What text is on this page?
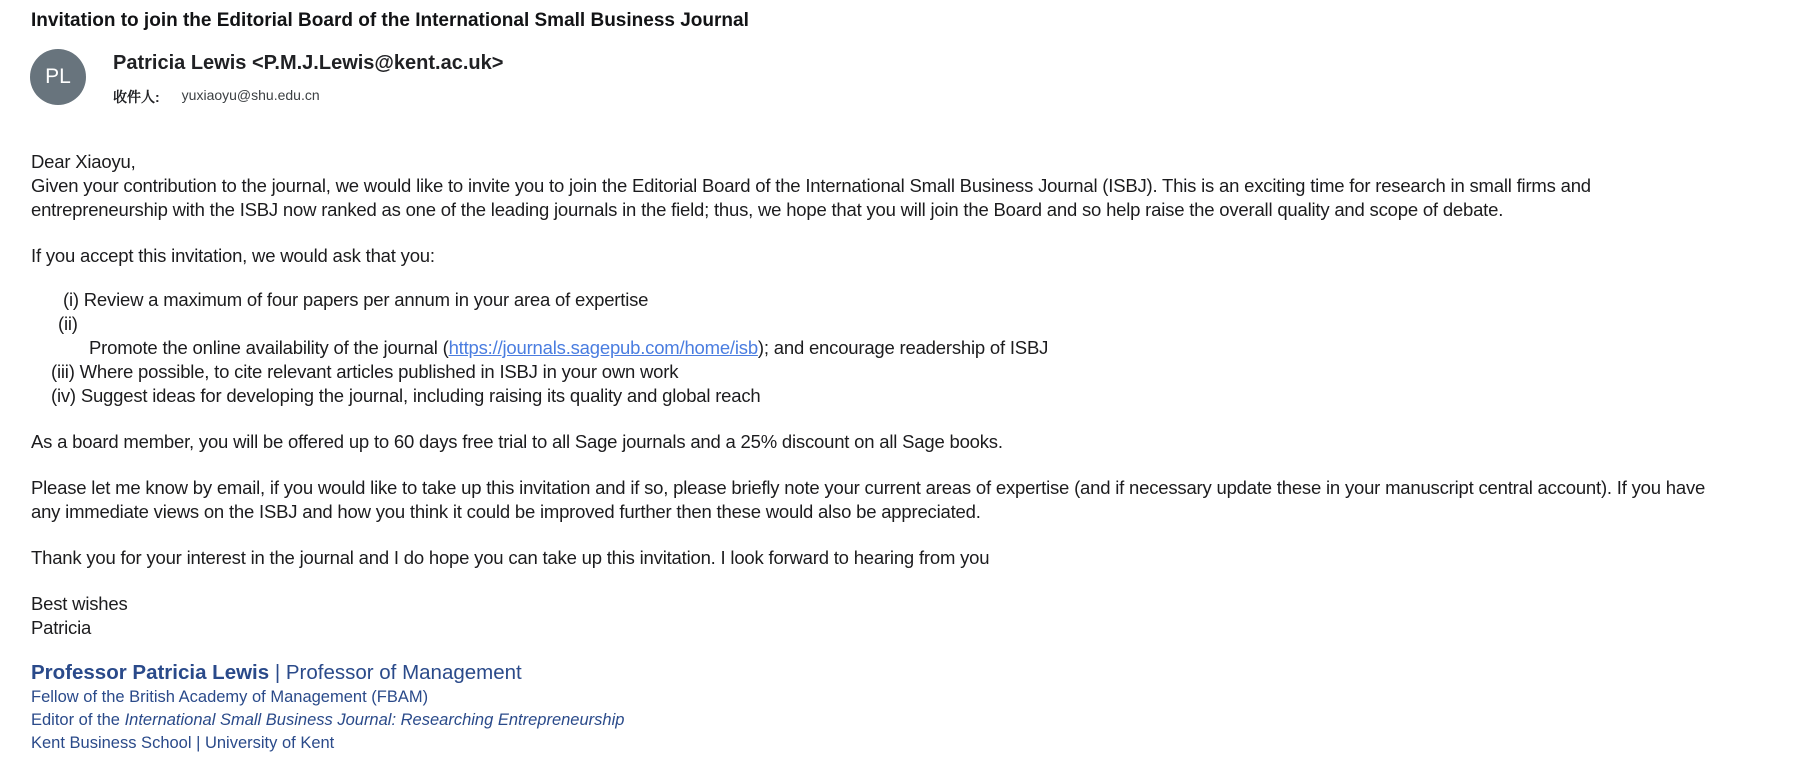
Invitation to join the Editorial Board of the International Small Business Journal
PL
Patricia Lewis <P.M.J.Lewis@kent.ac.uk>
收件人: yuxiaoyu@shu.edu.cn
Dear Xiaoyu,
Given your contribution to the journal, we would like to invite you to join the Editorial Board of the International Small Business Journal (ISBJ). This is an exciting time for research in small firms and
entrepreneurship with the ISBJ now ranked as one of the leading journals in the field; thus, we hope that you will join the Board and so help raise the overall quality and scope of debate.
If you accept this invitation, we would ask that you:
(i) Review a maximum of four papers per annum in your area of expertise
(ii)
Promote the online availability of the journal (https://journals.sagepub.com/home/isb); and encourage readership of ISBJ
(iii) Where possible, to cite relevant articles published in ISBJ in your own work
(iv) Suggest ideas for developing the journal, including raising its quality and global reach
As a board member, you will be offered up to 60 days free trial to all Sage journals and a 25% discount on all Sage books.
Please let me know by email, if you would like to take up this invitation and if so, please briefly note your current areas of expertise (and if necessary update these in your manuscript central account). If you have
any immediate views on the ISBJ and how you think it could be improved further then these would also be appreciated.
Thank you for your interest in the journal and I do hope you can take up this invitation. I look forward to hearing from you
Best wishes
Patricia
Professor Patricia Lewis | Professor of Management
Fellow of the British Academy of Management (FBAM)
Editor of the International Small Business Journal: Researching Entrepreneurship
Kent Business School | University of Kent
